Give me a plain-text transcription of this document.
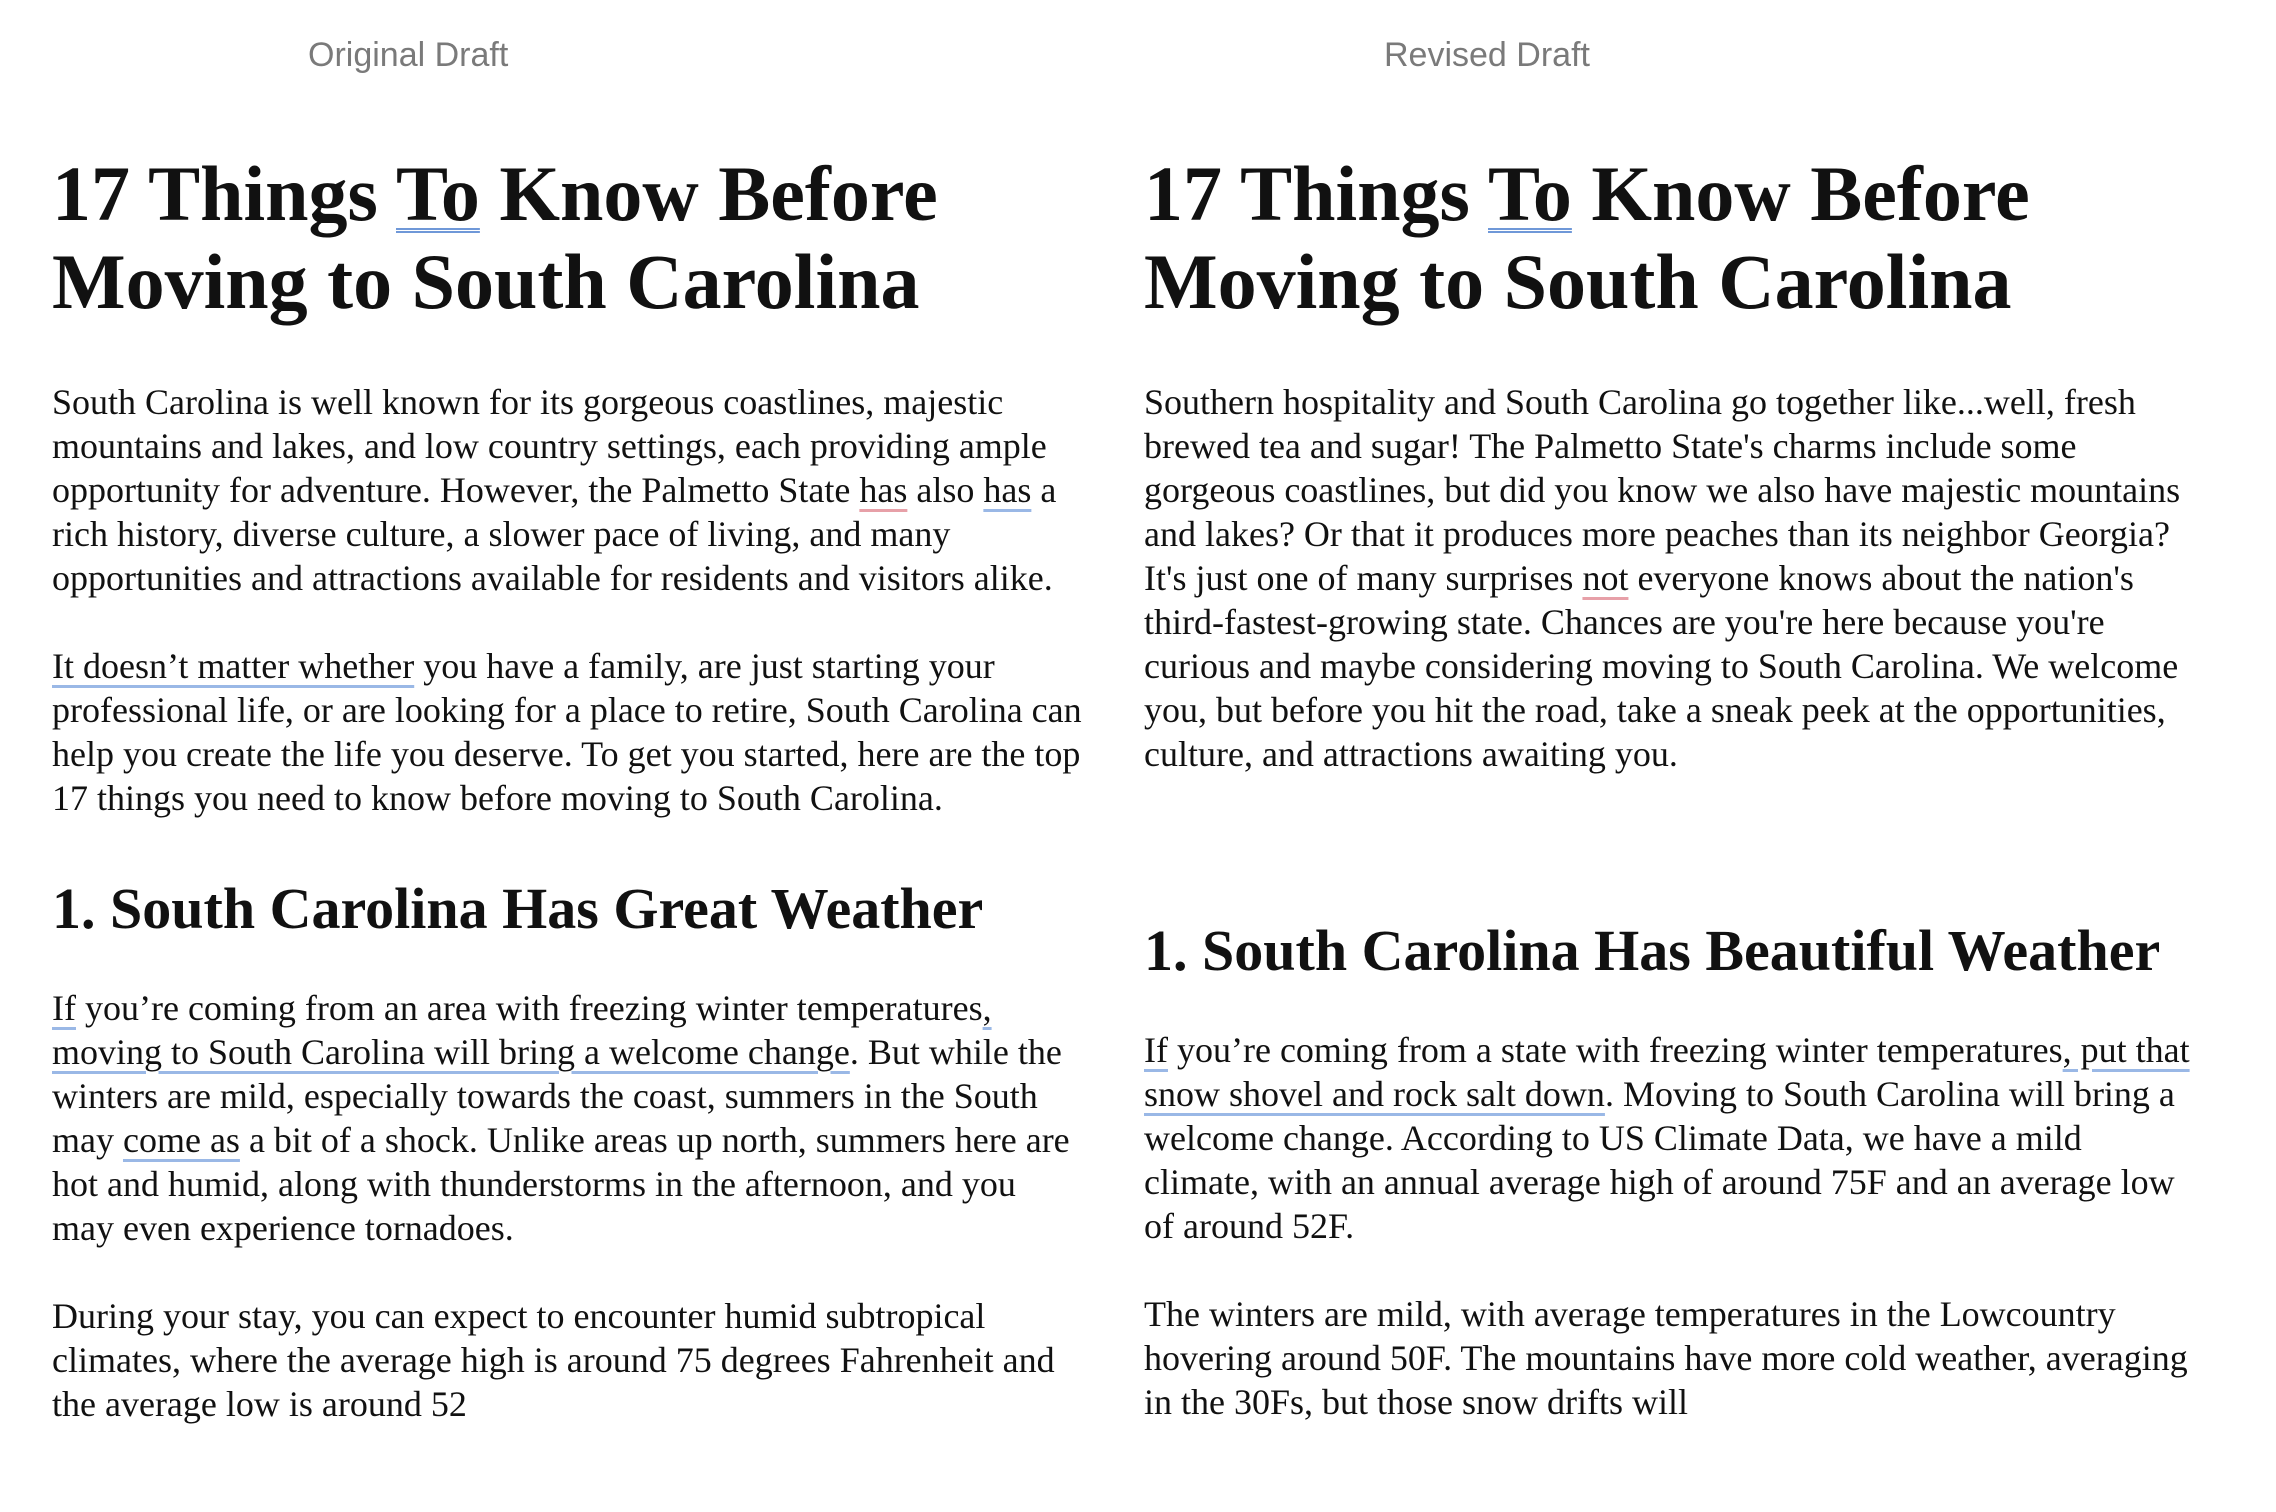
Original Draft
17 Things To Know Before Moving to South Carolina

South Carolina is well known for its gorgeous coastlines, majestic mountains and lakes, and low country settings, each providing ample opportunity for adventure. However, the Palmetto State has also has a rich history, diverse culture, a slower pace of living, and many opportunities and attractions available for residents and visitors alike.

It doesn’t matter whether you have a family, are just starting your professional life, or are looking for a place to retire, South Carolina can help you create the life you deserve. To get you started, here are the top 17 things you need to know before moving to South Carolina.

1. South Carolina Has Great Weather

If you’re coming from an area with freezing winter temperatures, moving to South Carolina will bring a welcome change. But while the winters are mild, especially towards the coast, summers in the South may come as a bit of a shock. Unlike areas up north, summers here are hot and humid, along with thunderstorms in the afternoon, and you may even experience tornadoes.

During your stay, you can expect to encounter humid subtropical climates, where the average high is around 75 degrees Fahrenheit and the average low is around 52

Revised Draft
17 Things To Know Before Moving to South Carolina

Southern hospitality and South Carolina go together like...well, fresh brewed tea and sugar! The Palmetto State's charms include some gorgeous coastlines, but did you know we also have majestic mountains and lakes? Or that it produces more peaches than its neighbor Georgia? It's just one of many surprises not everyone knows about the nation's third-fastest-growing state. Chances are you're here because you're curious and maybe considering moving to South Carolina. We welcome you, but before you hit the road, take a sneak peek at the opportunities, culture, and attractions awaiting you.

1. South Carolina Has Beautiful Weather

If you’re coming from a state with freezing winter temperatures, put that snow shovel and rock salt down. Moving to South Carolina will bring a welcome change. According to US Climate Data, we have a mild climate, with an annual average high of around 75F and an average low of around 52F.

The winters are mild, with average temperatures in the Lowcountry hovering around 50F. The mountains have more cold weather, averaging in the 30Fs, but those snow drifts will
